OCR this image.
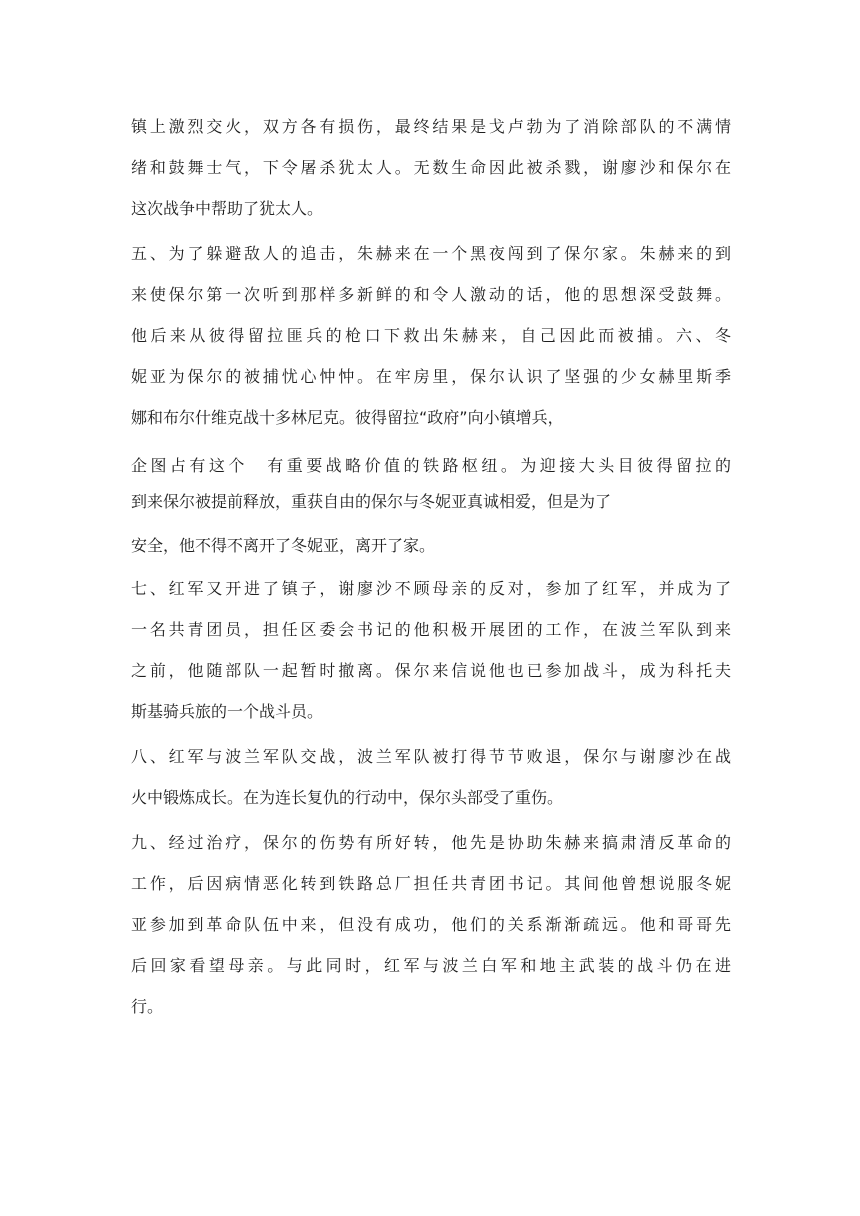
镇上激烈交火，双方各有损伤，最终结果是戈卢勃为了消除部队的不满情
绪和鼓舞士气，下令屠杀犹太人。无数生命因此被杀戮，谢廖沙和保尔在
这次战争中帮助了犹太人。
五、为了躲避敌人的追击，朱赫来在一个黑夜闯到了保尔家。朱赫来的到
来使保尔第一次听到那样多新鲜的和令人激动的话，他的思想深受鼓舞。
他后来从彼得留拉匪兵的枪口下救出朱赫来，自己因此而被捕。六、冬
妮亚为保尔的被捕忧心忡忡。在牢房里，保尔认识了坚强的少女赫里斯季
娜和布尔什维克战十多林尼克。彼得留拉“政府”向小镇增兵，
企图占有这个　有重要战略价值的铁路枢纽。为迎接大头目彼得留拉的
到来保尔被提前释放，重获自由的保尔与冬妮亚真诚相爱，但是为了
安全，他不得不离开了冬妮亚，离开了家。
七、红军又开进了镇子，谢廖沙不顾母亲的反对，参加了红军，并成为了
一名共青团员，担任区委会书记的他积极开展团的工作，在波兰军队到来
之前，他随部队一起暂时撤离。保尔来信说他也已参加战斗，成为科托夫
斯基骑兵旅的一个战斗员。
八、红军与波兰军队交战，波兰军队被打得节节败退，保尔与谢廖沙在战
火中锻炼成长。在为连长复仇的行动中，保尔头部受了重伤。
九、经过治疗，保尔的伤势有所好转，他先是协助朱赫来搞肃清反革命的
工作，后因病情恶化转到铁路总厂担任共青团书记。其间他曾想说服冬妮
亚参加到革命队伍中来，但没有成功，他们的关系渐渐疏远。他和哥哥先
后回家看望母亲。与此同时，红军与波兰白军和地主武装的战斗仍在进
行。
